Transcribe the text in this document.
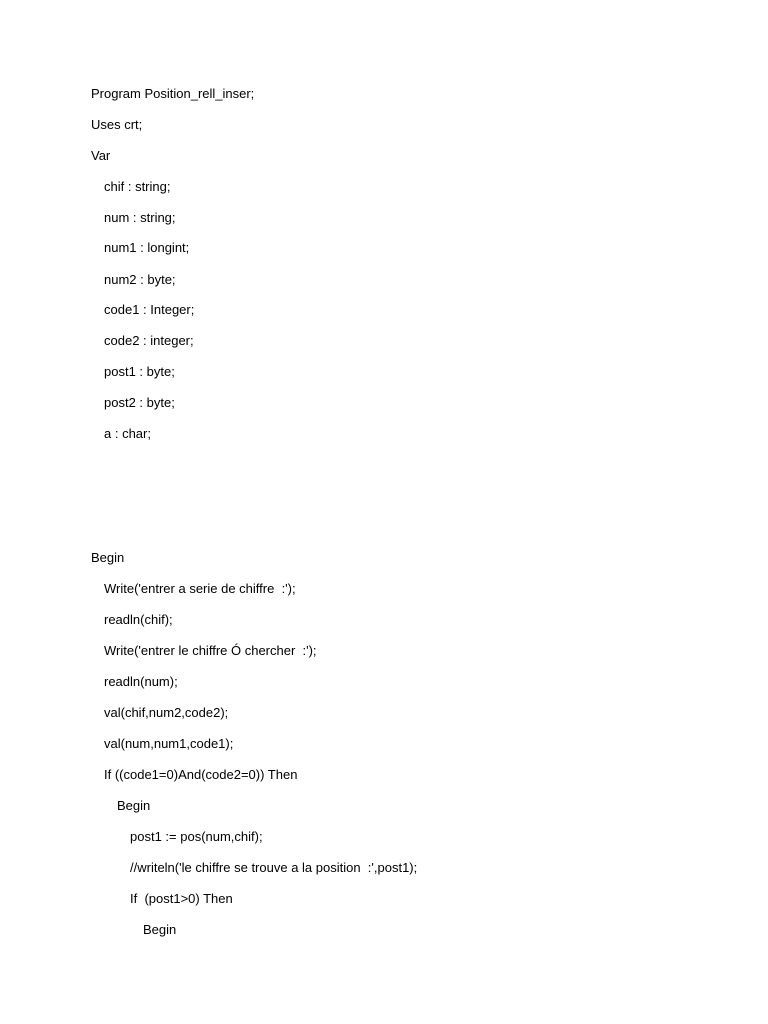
Program Position_rell_inser;
Uses crt;
Var
chif : string;
num : string;
num1 : longint;
num2 : byte;
code1 : Integer;
code2 : integer;
post1 : byte;
post2 : byte;
a : char;
Begin
Write('entrer a serie de chiffre  :');
readln(chif);
Write('entrer le chiffre Ó chercher  :');
readln(num);
val(chif,num2,code2);
val(num,num1,code1);
If ((code1=0)And(code2=0)) Then
Begin
post1 := pos(num,chif);
//writeln('le chiffre se trouve a la position  :',post1);
If  (post1>0) Then
Begin
